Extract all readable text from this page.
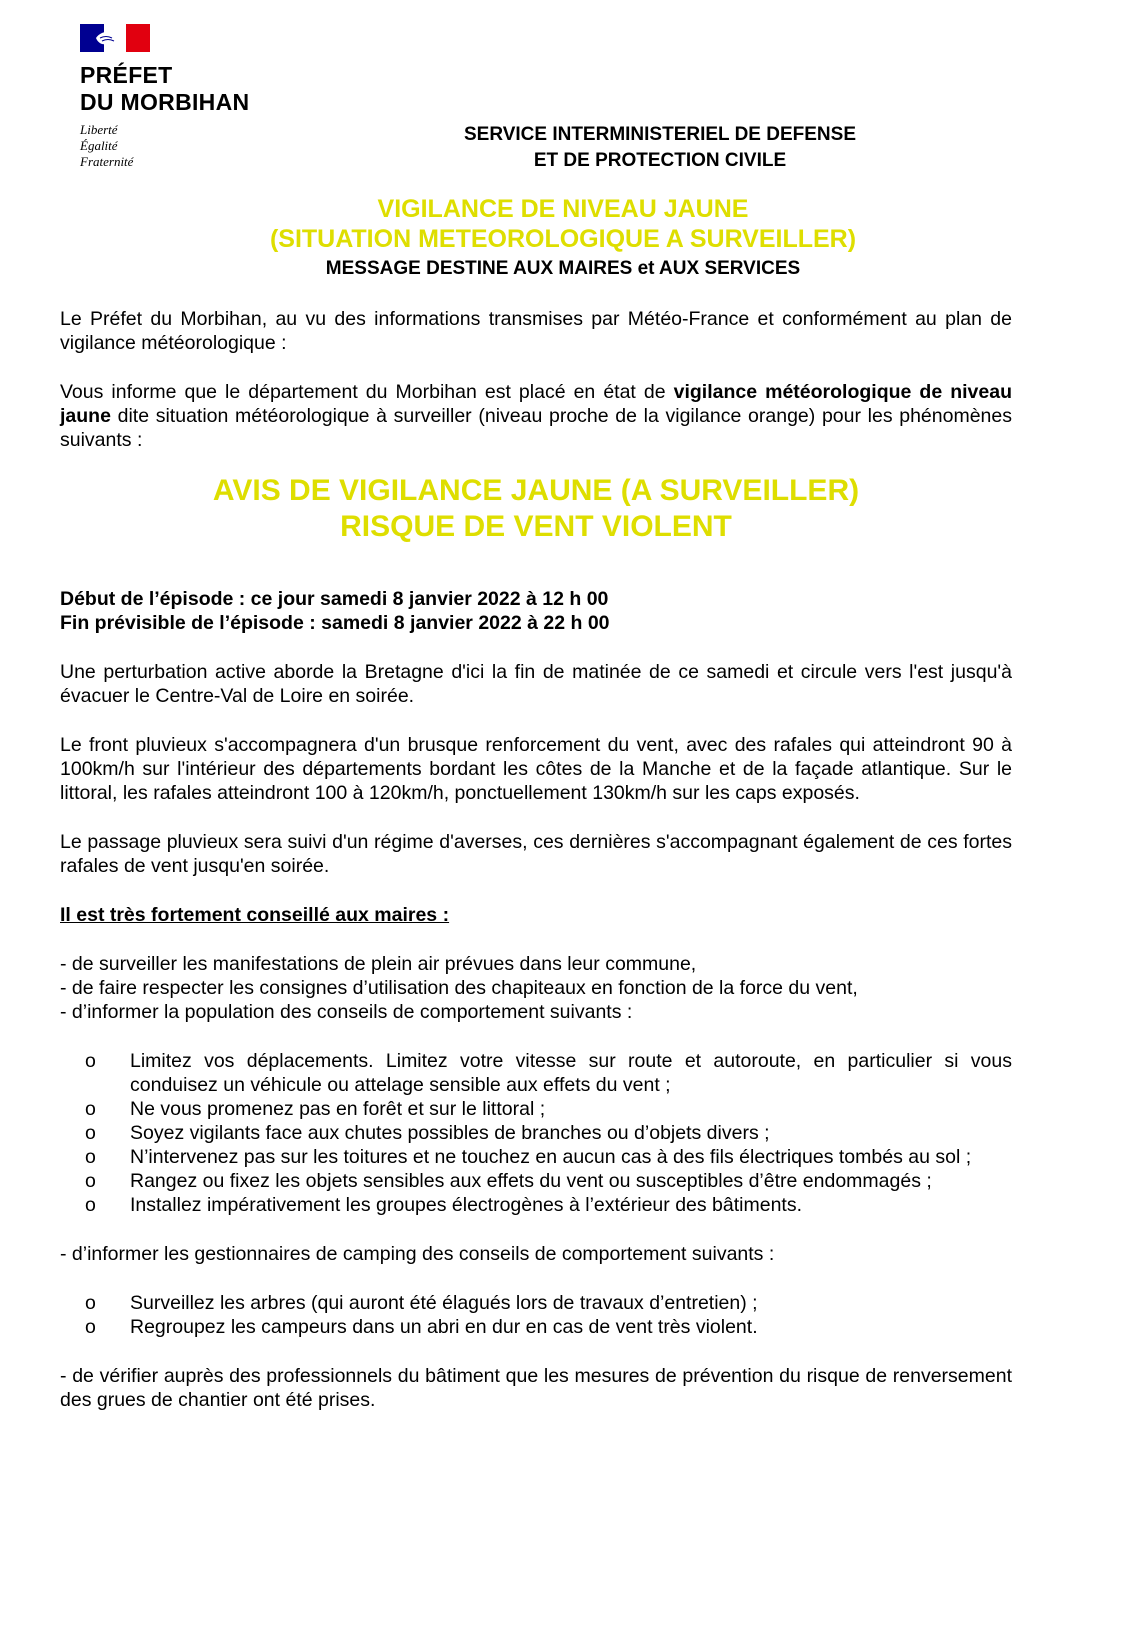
PRÉFET
DU MORBIHAN
Liberté
Égalité
Fraternité
SERVICE INTERMINISTERIEL DE DEFENSE
ET DE PROTECTION CIVILE
VIGILANCE DE NIVEAU JAUNE
(SITUATION METEOROLOGIQUE A SURVEILLER)
MESSAGE DESTINE AUX MAIRES et AUX SERVICES

Le Préfet du Morbihan, au vu des informations transmises par Météo-France et conformément au plan de vigilance météorologique :

Vous informe que le département du Morbihan est placé en état de vigilance météorologique de niveau jaune dite situation météorologique à surveiller (niveau proche de la vigilance orange) pour les phénomènes suivants :

AVIS DE VIGILANCE JAUNE (A SURVEILLER)
RISQUE DE VENT VIOLENT

Début de l’épisode : ce jour samedi 8 janvier 2022 à 12 h 00

Fin prévisible de l’épisode : samedi 8 janvier 2022 à 22 h 00

Une perturbation active aborde la Bretagne d'ici la fin de matinée de ce samedi et circule vers l'est jusqu'à évacuer le Centre-Val de Loire en soirée.

Le front pluvieux s'accompagnera d'un brusque renforcement du vent, avec des rafales qui atteindront 90 à 100km/h sur l'intérieur des départements bordant les côtes de la Manche et de la façade atlantique. Sur le littoral, les rafales atteindront 100 à 120km/h, ponctuellement 130km/h sur les caps exposés.

Le passage pluvieux sera suivi d'un régime d'averses, ces dernières s'accompagnant également de ces fortes rafales de vent jusqu'en soirée.

Il est très fortement conseillé aux maires :

- de surveiller les manifestations de plein air prévues dans leur commune,

- de faire respecter les consignes d’utilisation des chapiteaux en fonction de la force du vent,

- d’informer la population des conseils de comportement suivants :

o Limitez vos déplacements. Limitez votre vitesse sur route et autoroute, en particulier si vous conduisez un véhicule ou attelage sensible aux effets du vent ;
o Ne vous promenez pas en forêt et sur le littoral ;
o Soyez vigilants face aux chutes possibles de branches ou d’objets divers ;
o N’intervenez pas sur les toitures et ne touchez en aucun cas à des fils électriques tombés au sol ;
o Rangez ou fixez les objets sensibles aux effets du vent ou susceptibles d’être endommagés ;
o Installez impérativement les groupes électrogènes à l’extérieur des bâtiments.

- d’informer les gestionnaires de camping des conseils de comportement suivants :

o Surveillez les arbres (qui auront été élagués lors de travaux d’entretien) ;
o Regroupez les campeurs dans un abri en dur en cas de vent très violent.

- de vérifier auprès des professionnels du bâtiment que les mesures de prévention du risque de renversement des grues de chantier ont été prises.
